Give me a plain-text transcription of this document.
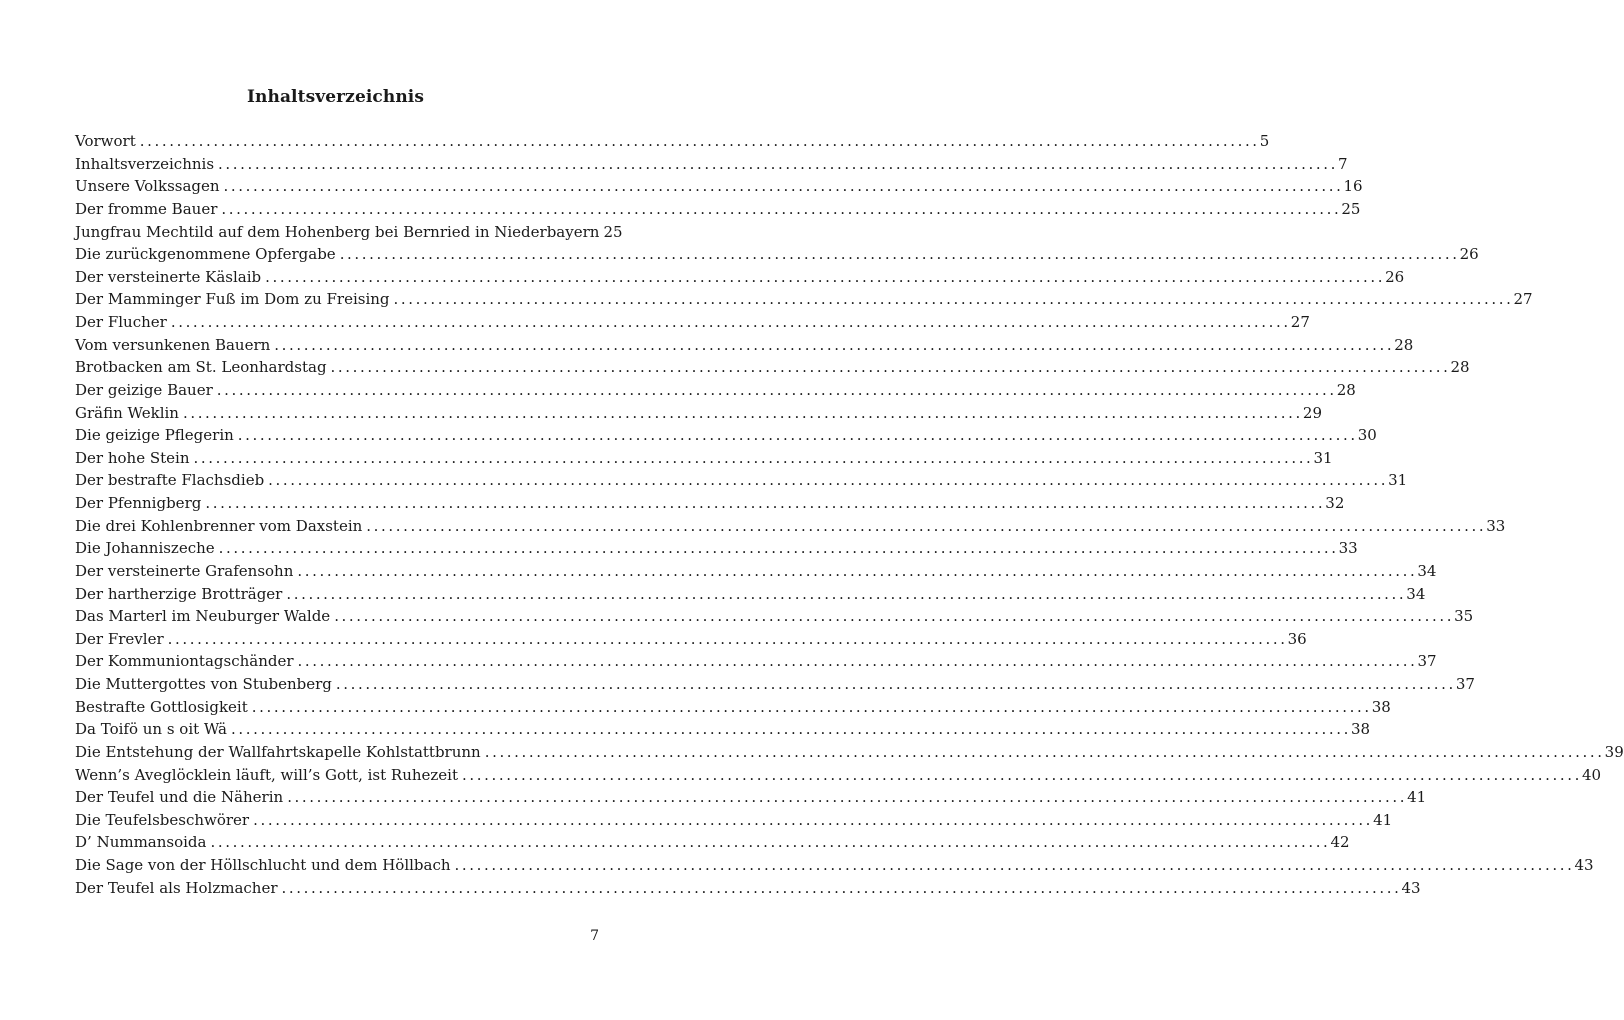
Inhaltsverzeichnis
Vorwort .....	5
Inhaltsverzeichnis .....	7
Unsere Volkssagen .....	16
Der fromme Bauer .....	25
Jungfrau Mechtild auf dem Hohenberg bei Bernried in Niederbayern 25
Die zurückgenommene Opfergabe .....	26
Der versteinerte Käslaib .....	26
Der Mamminger Fuß im Dom zu Freising .....	27
Der Flucher .....	27
Vom versunkenen Bauern .....	28
Brotbacken am St. Leonhardstag .....	28
Der geizige Bauer .....	28
Gräfin Weklin .....	29
Die geizige Pflegerin .....	30
Der hohe Stein .....	31
Der bestrafte Flachsdieb .....	31
Der Pfennigberg .....	32
Die drei Kohlenbrenner vom Daxstein .....	33
Die Johanniszeche .....	33
Der versteinerte Grafensohn .....	34
Der hartherzige Brotträger .....	34
Das Marterl im Neuburger Walde .....	35
Der Frevler .....	36
Der Kommuniontagschänder .....	37
Die Muttergottes von Stubenberg .....	37
Bestrafte Gottlosigkeit .....	38
Da Toifö un s oit Wä .....	38
Die Entstehung der Wallfahrtskapelle Kohlstattbrunn .....	39
Wenn’s Aveglöcklein läuft, will’s Gott, ist Ruhezeit .....	40
Der Teufel und die Näherin .....	41
Die Teufelsbeschwörer .....	41
D’ Nummansoida .....	42
Die Sage von der Höllschlucht und dem Höllbach .....	43
Der Teufel als Holzmacher .....	43
7
